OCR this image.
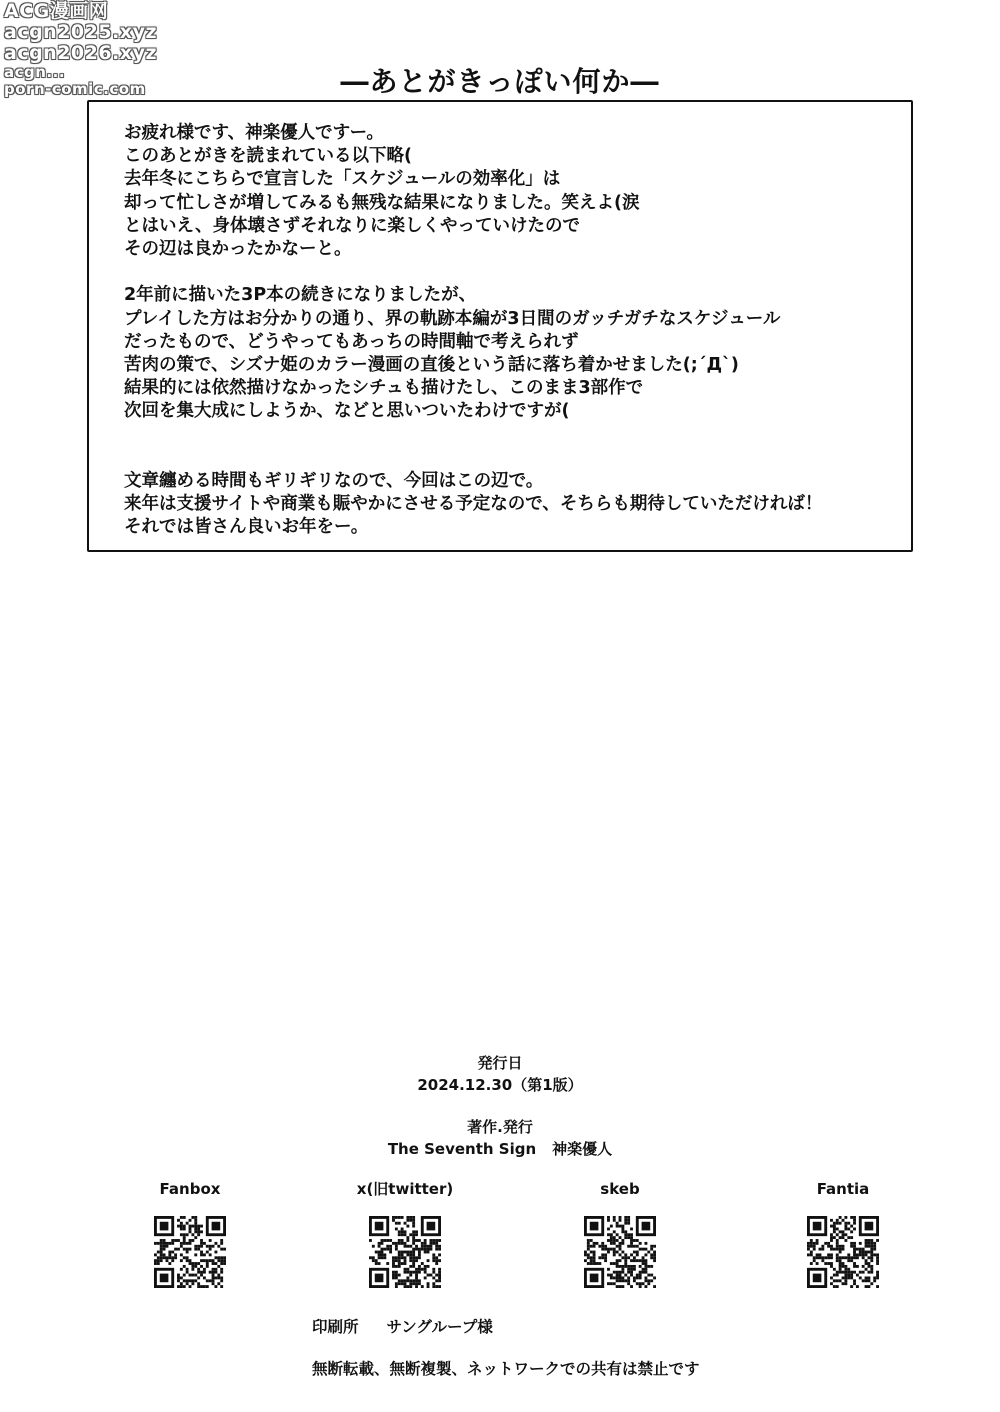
ACG漫画网
acgn2025.xyz
acgn2026.xyz
acgn...
porn-comic.com	―あとがきっぽい何か―
お疲れ様です、神楽優人ですー。
このあとがきを読まれている以下略(
去年冬にこちらで宣言した「スケジュールの効率化」は
却って忙しさが増してみるも無残な結果になりました。笑えよ(涙
とはいえ、身体壊さずそれなりに楽しくやっていけたので
その辺は良かったかなーと。
2年前に描いた3P本の続きになりましたが、
プレイした方はお分かりの通り、界の軌跡本編が3日間のガッチガチなスケジュール
だったもので、どうやってもあっちの時間軸で考えられず
苦肉の策で、シズナ姫のカラー漫画の直後という話に落ち着かせました(;´Д`)
結果的には依然描けなかったシチュも描けたし、このまま3部作で
次回を集大成にしようか、などと思いついたわけですが(
文章纏める時間もギリギリなので、今回はこの辺で。
来年は支援サイトや商業も賑やかにさせる予定なので、そちらも期待していただければ！
それでは皆さん良いお年をー。
発行日
2024.12.30（第1版）
著作.発行
The Seventh Sign 神楽優人
Fanbox	x(旧twitter)	skeb	Fantia
印刷所 サングループ様
無断転載、無断複製、ネットワークでの共有は禁止です
